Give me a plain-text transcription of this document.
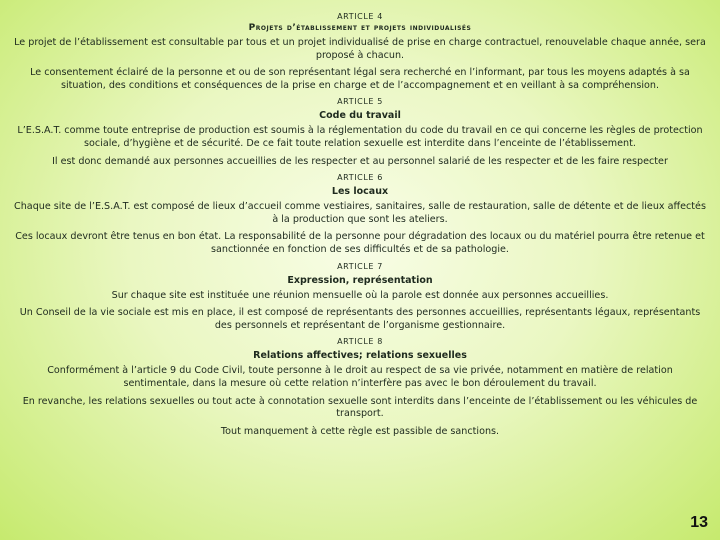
ARTICLE 4
Projets d’établissement et projets individualisés

Le projet de l’établissement est consultable par tous et un projet individualisé de prise en charge contractuel, renouvelable chaque année, sera proposé à chacun.

Le consentement éclairé de la personne et ou de son représentant légal sera recherché en l’informant, par tous les moyens adaptés à sa situation, des conditions et conséquences de la prise en charge et de l’accompagnement et en veillant à sa compréhension.

ARTICLE 5
Code du travail

L’E.S.A.T. comme toute entreprise de production est soumis à la réglementation du code du travail en ce qui concerne les règles de protection sociale, d’hygiène et de sécurité. De ce fait toute relation sexuelle est interdite dans l’enceinte de l’établissement.

Il est donc demandé aux personnes accueillies de les respecter et au personnel salarié de les respecter et de les faire respecter

ARTICLE 6
Les locaux

Chaque site de l’E.S.A.T. est composé de lieux d’accueil comme vestiaires, sanitaires, salle de restauration, salle de détente et de lieux affectés à la production que sont les ateliers.

Ces locaux devront être tenus en bon état. La responsabilité de la personne pour dégradation des locaux ou du matériel pourra être retenue et sanctionnée en fonction de ses difficultés et de sa pathologie.

ARTICLE 7
Expression, représentation

Sur chaque site est instituée une réunion mensuelle où la parole est donnée aux personnes accueillies.

Un Conseil de la vie sociale est mis en place, il est composé de représentants des personnes accueillies, représentants légaux, représentants des personnels et représentant de l’organisme gestionnaire.

ARTICLE 8
Relations affectives; relations sexuelles

Conformément à l’article 9 du Code Civil, toute personne à le droit au respect de sa vie privée, notamment en matière de relation sentimentale, dans la mesure où cette relation n’interfère pas avec le bon déroulement du travail.

En revanche, les relations sexuelles ou tout acte à connotation sexuelle sont interdits dans l’enceinte de l’établissement ou les véhicules de transport.

Tout manquement à cette règle est passible de sanctions.

13
